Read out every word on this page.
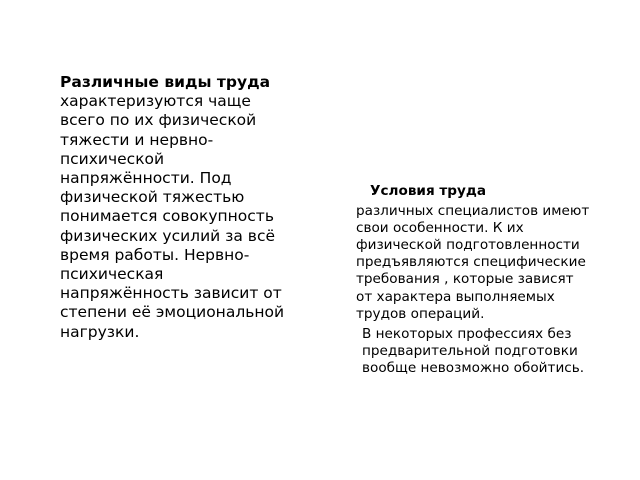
Различные виды труда характеризуются чаще всего по их физической тяжести и нервно-психической напряжённости. Под физической тяжестью понимается совокупность физических усилий за всё время работы. Нервно-психическая напряжённость зависит от степени её эмоциональной нагрузки.

Условия труда

различных специалистов имеют свои особенности. К их физической подготовленности предъявляются специфические требования , которые зависят от характера выполняемых трудов операций.

В некоторых профессиях без предварительной подготовки вообще невозможно обойтись.
